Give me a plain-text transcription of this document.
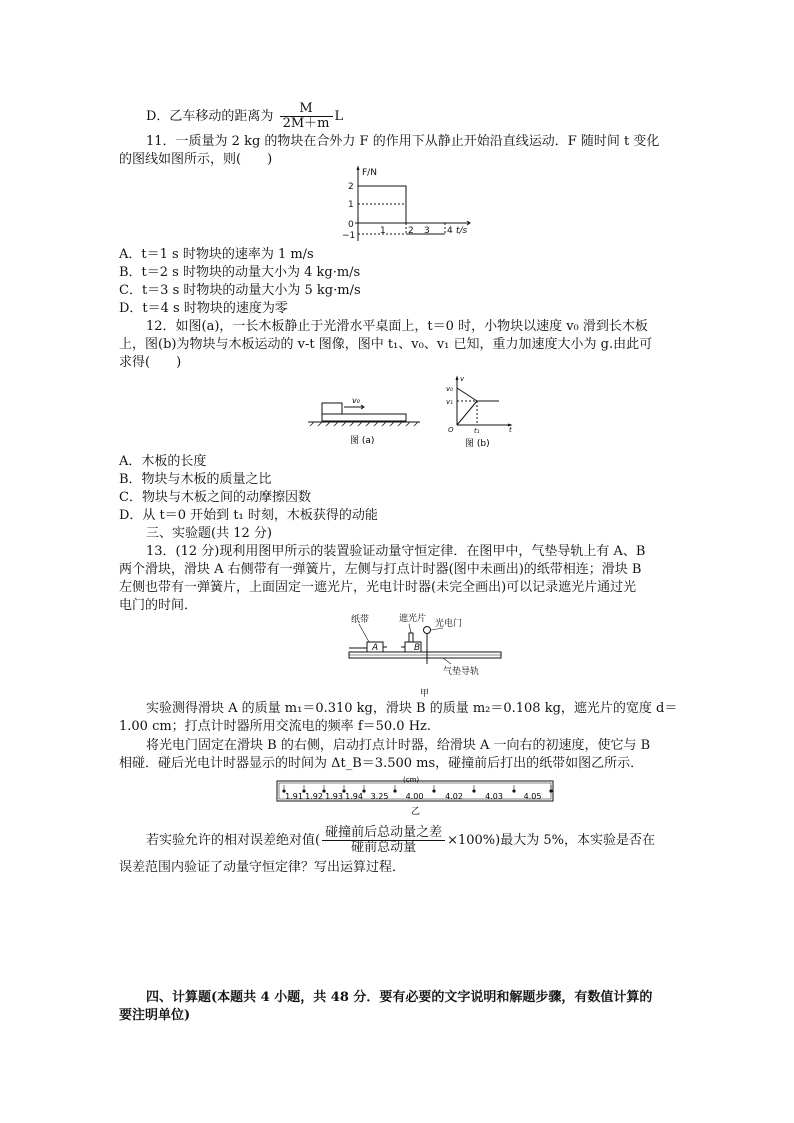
D．乙车移动的距离为 $\frac{M}{2M+m}$ L
11．一质量为 2 kg 的物块在合外力 F 的作用下从静止开始沿直线运动．F 随时间 t 变化
的图线如图所示，则(　　)
F/N
2
1
0
−1	1 2 3 4 t/s
A．t＝1 s 时物块的速率为 1 m/s
B．t＝2 s 时物块的动量大小为 4 kg·m/s
C．t＝3 s 时物块的动量大小为 5 kg·m/s
D．t＝4 s 时物块的速度为零
12．如图(a)，一长木板静止于光滑水平桌面上，t＝0 时，小物块以速度 v₀ 滑到长木板
上，图(b)为物块与木板运动的 v-t 图像，图中 t₁、v₀、v₁ 已知，重力加速度大小为 g.由此可
求得(　　)
v₀
图 (a)
v
v₀
v₁
O	t₁	t
图 (b)
A．木板的长度
B．物块与木板的质量之比
C．物块与木板之间的动摩擦因数
D．从 t＝0 开始到 t₁ 时刻，木板获得的动能
三、实验题(共 12 分)
13．(12 分)现利用图甲所示的装置验证动量守恒定律．在图甲中，气垫导轨上有 A、B
两个滑块，滑块 A 右侧带有一弹簧片，左侧与打点计时器(图中未画出)的纸带相连；滑块 B
左侧也带有一弹簧片，上面固定一遮光片，光电计时器(未完全画出)可以记录遮光片通过光
电门的时间．
纸带	遮光片 光电门
A	B
气垫导轨
甲
实验测得滑块 A 的质量 m₁＝0.310 kg，滑块 B 的质量 m₂＝0.108 kg，遮光片的宽度 d＝
1.00 cm；打点计时器所用交流电的频率 f＝50.0 Hz.
将光电门固定在滑块 B 的右侧，启动打点计时器，给滑块 A 一向右的初速度，使它与 B
相碰．碰后光电计时器显示的时间为 Δt_B＝3.500 ms，碰撞前后打出的纸带如图乙所示．
(cm)
乙
1.91 1.92 1.93 1.94 3.25 4.00	4.02	4.03	4.05
若实验允许的相对误差绝对值( $\frac{\text{碰撞前后总动量之差}}{\text{碰前总动量}} \times 100\%$)最大为 5%，本实验是否在
误差范围内验证了动量守恒定律？写出运算过程．
四、计算题(本题共 4 小题，共 48 分．要有必要的文字说明和解题步骤，有数值计算的
要注明单位)
